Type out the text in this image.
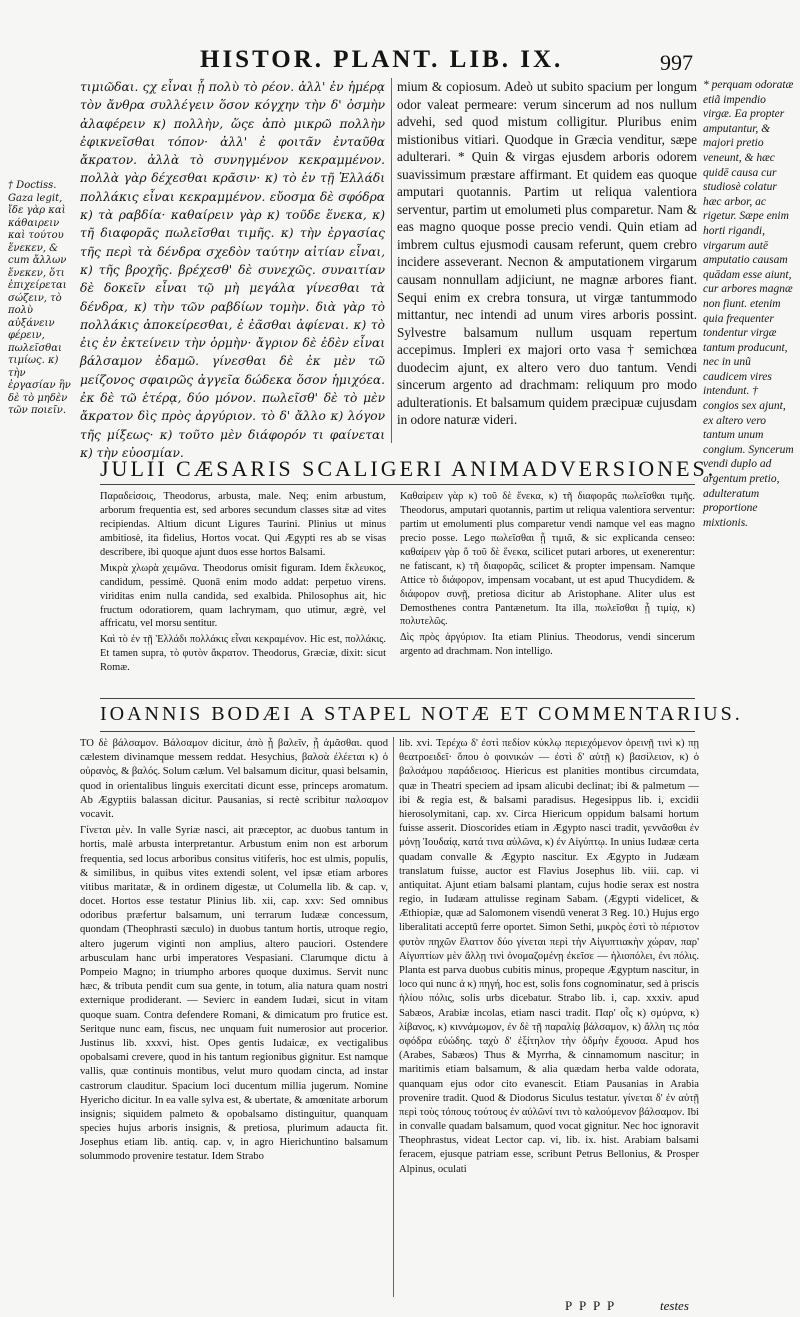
HISTOR. PLANT. LIB. IX.	997
† Doctiss. Gaza legit, ἴδε γὰρ καὶ κάθαιρειν καὶ τούτου ἕνεκεν, & cum ἄλλων ἕνεκεν, ὅτι ἐπιχείρεται σώζειν, τὸ πολὺ αὐξάνειν φέρειν, πωλεῖσθαι τιμίως. κ) τὴν ἐργασίαν ἣν δὲ τὸ μηδὲν τῶν ποιεῖν.
τιμιῶδαι. ςχ εἶναι ᾗ πολὺ τὸ ρέον. ἀλλ' ἐν ἡμέρᾳ τὸν ἄνθρα συλλέγειν ὅσον κόγχην τὴν δ' ὀσμὴν ἀλαφέρειν κ) πολλὴν, ὥςε ἀπὸ μικρῶ πολλὴν ἐφικνεῖσθαι τόπον· ἀλλ' ἐ φοιτᾶν ἐνταῦθα ἄκρατον. ἀλλὰ τὸ συνηγμένον κεκραμμένον. πολλὰ γὰρ δέχεσθαι κρᾶσιν· κ) τὸ ἐν τῇ Ἑλλάδι πολλάκις εἶναι κεκραμμένον. εὔοσμα δὲ σφόδρα κ) τὰ ραβδία· καθαίρειν γὰρ κ) τοῦδε ἕνεκα, κ) τῆ διαφορᾶς πωλεῖσθαι τιμῆς. κ) τὴν ἐργασίας τῆς περὶ τὰ δένδρα σχεδὸν ταύτην αἰτίαν εἶναι, κ) τῆς βροχῆς. βρέχεσθ' δὲ συνεχῶς. συναιτίαν δὲ δοκεῖν εἶναι τῷ μὴ μεγάλα γίνεσθαι τὰ δένδρα, κ) τὴν τῶν ραβδίων τομὴν. διὰ γὰρ τὸ πολλάκις ἀποκείρεσθαι, ἐ ἐᾶσθαι ἀφίεναι. κ) τὸ ἐις ἐν ἐκτείνειν τὴν ὁρμὴν· ἄγριον δὲ ἐδὲν εἶναι βάλσαμον ἐδαμῶ. γίνεσθαι δὲ ἐκ μὲν τῶ μείζονος σφαιρῶς ἀγγεῖα δώδεκα ὅσον ἡμιχόεα. ἐκ δὲ τῶ ἑτέρᾳ, δύο μόνον. πωλεῖσθ' δὲ τὸ μὲν ἄκρατον δὶς πρὸς ἀργύριον. τὸ δ' ἄλλο κ) λόγον τῆς μίξεως· κ) τοῦτο μὲν διάφορόν τι φαίνεται κ) τὴν εὐοσμίαν.
mium & copiosum. Adeò ut subito spacium per longum odor valeat permeare: verum sincerum ad nos nullum advehi, sed quod mistum colligitur. Pluribus enim mistionibus vitiari. Quodque in Græcia venditur, sæpe adulterari. * Quin & virgas ejusdem arboris odorem suavissimum præstare affirmant. Et quidem eas quoque amputari quotannis. Partim ut reliqua valentiora serventur, partim ut emolumeti plus comparetur. Nam & eas magno quoque posse precio vendi. Quin etiam ad imbrem cultus ejusmodi causam referunt, quem crebro incidere asseverant. Necnon & amputationem virgarum causam nonnullam adjiciunt, ne magnæ arbores fiant. Sequi enim ex crebra tonsura, ut virgæ tantummodo mittantur, nec intendi ad unum vires arboris possint. Sylvestre balsamum nullum usquam repertum accepimus. Impleri ex majori orto vasa † semichœa duodecim ajunt, ex altero vero duo tantum. Vendi sincerum argento ad drachmam: reliquum pro modo adulterationis. Et balsamum quidem præcipuæ cujusdam in odore naturæ videri.
* perquam odoratæ etiã impendio virgæ. Ea propter amputantur, & majori pretio veneunt, & hæc quidē causa cur studiosè colatur hæc arbor, ac rigetur. Sæpe enim horti rigandi, virgarum autē amputatio causam quādam esse aiunt, cur arbores magnæ non fiunt. etenim quia frequenter tondentur virgæ tantum producunt, nec in unũ caudicem vires intendunt. † congios sex ajunt, ex altero vero tantum unum congium. Syncerum vendi duplo ad argentum pretio, adulteratum proportione mixtionis.
JULII CÆSARIS SCALIGERI ANIMADVERSIONES.

Παραδείσοις, Theodorus, arbusta, male. Neq; enim arbustum, arborum frequentia est, sed arbores secundum classes sitæ ad vites recipiendas. Altium dicunt Ligures Taurini. Plinius ut minus ambitiosè, ita fidelius, Hortos vocat. Qui Ægypti res ab se visas describere, ibi quoque ajunt duos esse hortos Balsami.

Μικρὰ χλωρὰ χειμῶνα. Theodorus omisit figuram. Idem ἔκλευκος, candidum, pessimè. Quonā enim modo addat: perpetuo virens. viriditas enim nulla candida, sed exalbida. Philosophus ait, hic fructum odoratiorem, quam lachrymam, quo utimur, ægrè, vel affricatu, vel morsu sentitur.

Καὶ τὸ ἐν τῇ Ἑλλάδι πολλάκις εἶναι κεκραμένον. Hic est, πολλάκις. Et tamen supra, τὸ φυτὸν ἄκρατον. Theodorus, Græciæ, dixit: sicut Romæ.

Καθαίρειν γὰρ κ) τοῦ δὲ ἕνεκα, κ) τῆ διαφορᾶς πωλεῖσθαι τιμῆς. Theodorus, amputari quotannis, partim ut reliqua valentiora serventur: partim ut emolumenti plus comparetur vendi namque vel eas magno precio posse. Lego πωλεῖσθαι ᾗ τιμιᾶ, & sic explicanda censeo: καθαίρειν γὰρ ὅ τοῦ δὲ ἕνεκα, scilicet putari arbores, ut exenerentur: ne fatiscant, κ) τῆ διαφορᾶς, scilicet & propter impensam. Namque Attice τὸ διάφορον, impensam vocabant, ut est apud Thucydidem. & διάφορον συνῇ, pretiosa dicitur ab Aristophane. Aliter ulus est Demosthenes contra Pantænetum. Ita illa, πωλεῖσθαι ᾗ τιμίᾳ, κ) πολυτελῶς.

Δὶς πρὸς ἀργύριον. Ita etiam Plinius. Theodorus, vendi sincerum argento ad drachmam. Non intelligo.

IOANNIS BODÆI A STAPEL NOTÆ ET COMMENTARIUS.

TO δὲ βάλσαμον. Βάλσαμον dicitur, ἀπὸ ᾗ βαλεῖν, ᾗ ἀμᾶσθαι. quod cælestem divinamque messem reddat. Hesychius, βαλσὰ ἐλέεται κ) ὁ οὐρανὸς, & βαλός. Solum cælum. Vel balsamum dicitur, quasi belsamin, quod in orientalibus linguis exercitati dicunt esse, princeps aromatum. Ab Ægyptiis balassan dicitur. Pausanias, si rectè scribitur παλσαμον vocavit.

Γίνεται μὲν. In valle Syriæ nasci, ait præceptor, ac duobus tantum in hortis, malè arbusta interpretantur. Arbustum enim non est arborum frequentia, sed locus arboribus consitus vitiferis, hoc est ulmis, populis, & similibus, in quibus vites extendi solent, vel ipsæ etiam arbores vitibus maritatæ, & in ordinem digestæ, ut Columella lib. & cap. v, docet. Hortos esse testatur Plinius lib. xii, cap. xxv: Sed omnibus odoribus præfertur balsamum, uni terrarum Iudææ concessum, quondam (Theophrasti sæculo) in duobus tantum hortis, utroque regio, altero jugerum viginti non amplius, altero pauciori. Ostendere arbusculam hanc urbi imperatores Vespasiani. Clarumque dictu à Pompeio Magno; in triumpho arbores quoque duximus. Servit nunc hæc, & tributa pendit cum sua gente, in totum, alia natura quam nostri externique prodiderant. — Sevierc in eandem Iudæi, sicut in vitam quoque suam. Contra defendere Romani, & dimicatum pro frutice est. Seritque nunc eam, fiscus, nec unquam fuit numerosior aut procerior. Justinus lib. xxxvi, hist. Opes gentis Iudaicæ, ex vectigalibus opobalsami crevere, quod in his tantum regionibus gignitur. Est namque vallis, quæ continuis montibus, velut muro quodam cincta, ad instar castrorum clauditur. Spacium loci ducentum millia jugerum. Nomine Hyericho dicitur. In ea valle sylva est, & ubertate, & amœnitate arborum insignis; siquidem palmeto & opobalsamo distinguitur, quanquam species hujus arboris insignis, & pretiosa, plurimum adaucta fit. Josephus etiam lib. antiq. cap. v, in agro Hierichuntino balsamum solummodo provenire testatur. Idem Strabo

lib. xvi. Τερέχω δ' ἐστὶ πεδίον κύκλῳ περιεχόμενον ὀρεινῇ τινὶ κ) πῃ θεατροειδεῖ· ὅπου ὁ φοινικών — ἐστὶ δ' αὐτῇ κ) βασίλειον, κ) ὁ βαλσάμου παράδεισος. Hiericus est planities montibus circumdata, quæ in Theatri speciem ad ipsam alicubi declinat; ibi & palmetum — ibi & regia est, & balsami paradisus. Hegesippus lib. i, excidii hierosolymitani, cap. xv. Circa Hiericum oppidum balsami hortum fuisse asserit. Dioscorides etiam in Ægypto nasci tradit, γεννᾶσθαι ἐν μόνῃ Ἰουδαίᾳ, κατά τινα αὐλῶνα, κ) ἐν Αἰγύπτῳ. In unius Iudææ certa quadam convalle & Ægypto nascitur. Ex Ægypto in Judæam translatum fuisse, auctor est Flavius Josephus lib. viii. cap. vi antiquitat. Ajunt etiam balsami plantam, cujus hodie serax est nostra regio, in Iudæam attulisse reginam Sabam. (Ægypti videlicet, & Æthiopiæ, quæ ad Salomonem visendū venerat 3 Reg. 10.) Hujus ergo liberalitati acceptū ferre oportet. Simon Sethi, μικρὸς ἐστὶ τὸ πέριστον φυτὸν πηχῶν ἔλαττον δύο γίνεται περὶ τὴν Αἰγυπτιακὴν χώραν, παρ' Αἰγυπτίων μὲν ἄλλῃ τινὶ ὀνομαζομένῃ ἐκεῖσε — ἡλιοπόλει, ἐνι πόλις. Planta est parva duobus cubitis minus, propeque Ægyptum nascitur, in loco qui nunc ἀ κ) πηγή, hoc est, solis fons cognominatur, sed à priscis ἡλίου πόλις, solis urbs dicebatur. Strabo lib. i, cap. xxxiv. apud Sabæos, Arabiæ incolas, etiam nasci tradit. Παρ' οἷς κ) σμύρνα, κ) λίβανος, κ) κιννάμωμον, ἐν δὲ τῇ παραλίᾳ βάλσαμον, κ) ἄλλη τις πόα σφόδρα εὐώδης. ταχὺ δ' ἐξίτηλον τὴν ὀδμὴν ἔχουσα. Apud hos (Arabes, Sabæos) Thus & Myrrha, & cinnamomum nascitur; in maritimis etiam balsamum, & alia quædam herba valde odorata, quanquam ejus odor cito evanescit. Etiam Pausanias in Arabia provenire tradit. Quod & Diodorus Siculus testatur. γίνεται δ' ἐν αὐτῇ περὶ τοὺς τόπους τούτους ἐν αὐλῶνί τινι τὸ καλούμενον βάλσαμον. Ibi in convalle quadam balsamum, quod vocat gignitur. Nec hoc ignoravit Theophrastus, videat Lector cap. vi, lib. ix. hist. Arabiam balsami feracem, ejusque patriam esse, scribunt Petrus Bellonius, & Prosper Alpinus, oculati

P P P P	testes
